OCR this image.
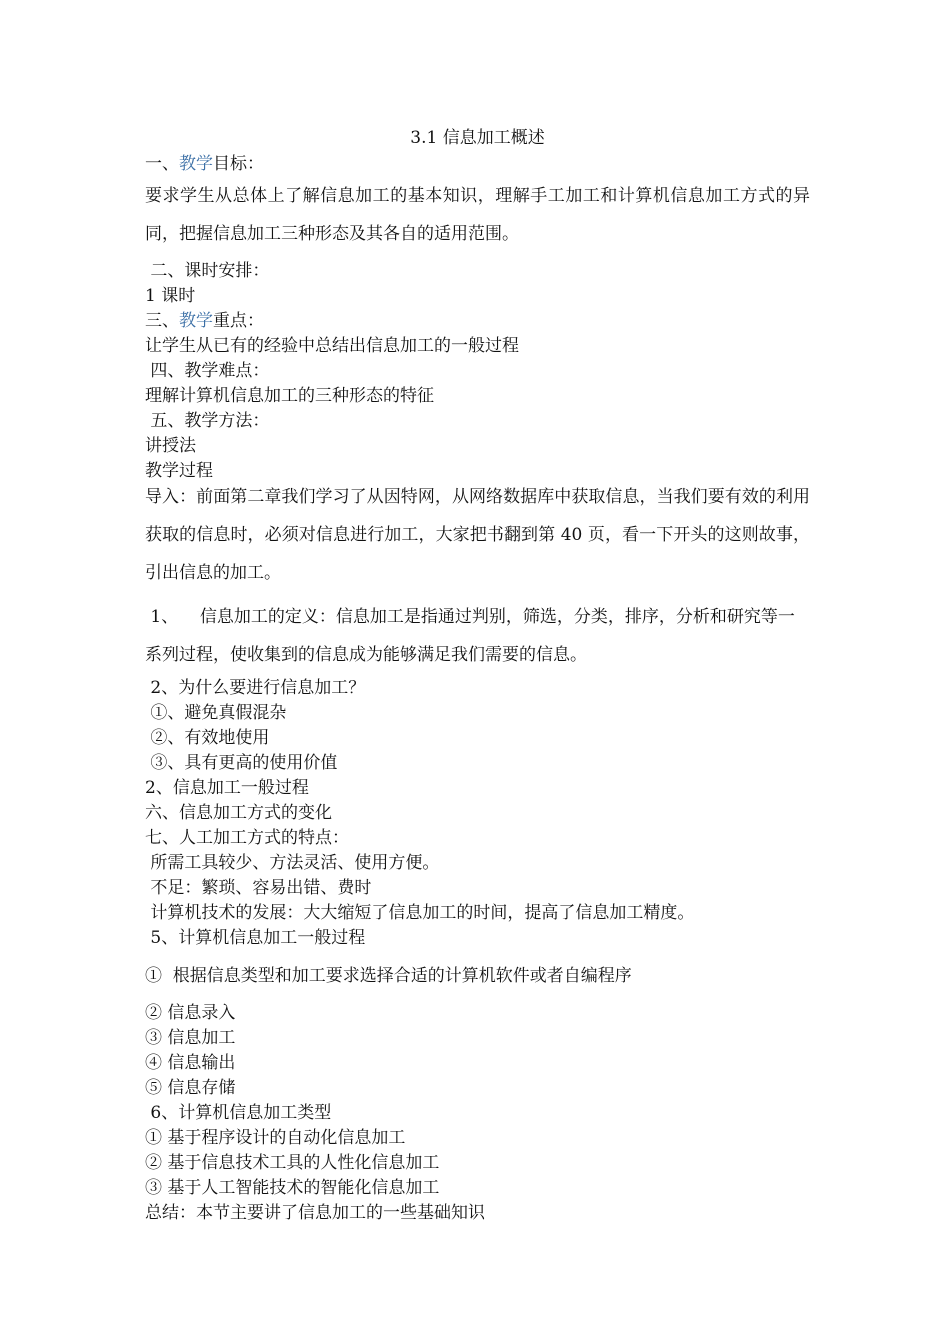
3.1 信息加工概述
一、教学目标：
要求学生从总体上了解信息加工的基本知识，理解手工加工和计算机信息加工方式的异同，把握信息加工三种形态及其各自的适用范围。
二、课时安排：
1 课时
三、教学重点：
让学生从已有的经验中总结出信息加工的一般过程
四、教学难点：
理解计算机信息加工的三种形态的特征
五、教学方法：
讲授法
教学过程
导入：前面第二章我们学习了从因特网，从网络数据库中获取信息，当我们要有效的利用获取的信息时，必须对信息进行加工，大家把书翻到第 40 页，看一下开头的这则故事，引出信息的加工。
1、    信息加工的定义：信息加工是指通过判别，筛选，分类，排序，分析和研究等一系列过程，使收集到的信息成为能够满足我们需要的信息。
2、为什么要进行信息加工？
①、避免真假混杂
②、有效地使用
③、具有更高的使用价值
2、信息加工一般过程
六、信息加工方式的变化
七、人工加工方式的特点：
所需工具较少、方法灵活、使用方便。
不足：繁琐、容易出错、费时
计算机技术的发展：大大缩短了信息加工的时间，提高了信息加工精度。
5、计算机信息加工一般过程
①  根据信息类型和加工要求选择合适的计算机软件或者自编程序
② 信息录入
③ 信息加工
④ 信息输出
⑤ 信息存储
6、计算机信息加工类型
① 基于程序设计的自动化信息加工
② 基于信息技术工具的人性化信息加工
③ 基于人工智能技术的智能化信息加工
总结：本节主要讲了信息加工的一些基础知识
